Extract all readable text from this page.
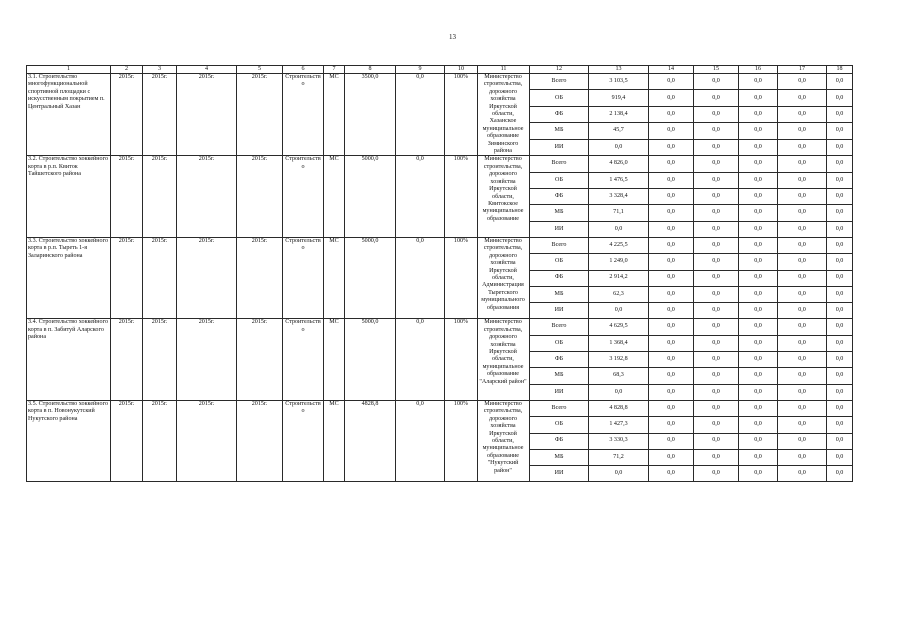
13
1	2	3	4	5	6	7	8	9	10	11	12	13	14	15	16	17	18
3.1. Строительство многофункциональной спортивной площадки с искусственным покрытием п. Центральный Хазан	2015г.	2015г.	2015г.	2015г.	Строительство	МС	3500,0	0,0	100%	Министерство строительства, дорожного хозяйства Иркутской области, Хазанское муниципальное образование Зиминского района	Всего	3 103,5	0,0	0,0	0,0	0,0	0,0
											ОБ	919,4	0,0	0,0	0,0	0,0	0,0
											ФБ	2 138,4	0,0	0,0	0,0	0,0	0,0
											МБ	45,7	0,0	0,0	0,0	0,0	0,0
											ИИ	0,0	0,0	0,0	0,0	0,0	0,0
3.2. Строительство хоккейного корта в р.п. Квиток Тайшетского района	2015г.	2015г.	2015г.	2015г.	Строительство	МС	5000,0	0,0	100%	Министерство строительства, дорожного хозяйства Иркутской области, Квитокское муниципальное образование	Всего	4 826,0	0,0	0,0	0,0	0,0	0,0
											ОБ	1 476,5	0,0	0,0	0,0	0,0	0,0
											ФБ	3 328,4	0,0	0,0	0,0	0,0	0,0
											МБ	71,1	0,0	0,0	0,0	0,0	0,0
											ИИ	0,0	0,0	0,0	0,0	0,0	0,0
3.3. Строительство хоккейного корта в р.п. Тыреть 1-я Заларинского района	2015г.	2015г.	2015г.	2015г.	Строительство	МС	5000,0	0,0	100%	Министерство строительства, дорожного хозяйства Иркутской области, Администрация Тыретского муниципального образования	Всего	4 225,5	0,0	0,0	0,0	0,0	0,0
											ОБ	1 249,0	0,0	0,0	0,0	0,0	0,0
											ФБ	2 914,2	0,0	0,0	0,0	0,0	0,0
											МБ	62,3	0,0	0,0	0,0	0,0	0,0
											ИИ	0,0	0,0	0,0	0,0	0,0	0,0
3.4. Строительство хоккейного корта в п. Забитуй Аларского района	2015г.	2015г.	2015г.	2015г.	Строительство	МС	5000,0	0,0	100%	Министерство строительства, дорожного хозяйства Иркутской области, муниципальное образование "Аларский район"	Всего	4 629,5	0,0	0,0	0,0	0,0	0,0
											ОБ	1 368,4	0,0	0,0	0,0	0,0	0,0
											ФБ	3 192,8	0,0	0,0	0,0	0,0	0,0
											МБ	68,3	0,0	0,0	0,0	0,0	0,0
											ИИ	0,0	0,0	0,0	0,0	0,0	0,0
3.5. Строительство хоккейного корта в п. Новонукутский Нукутского района	2015г.	2015г.	2015г.	2015г.	Строительство	МС	4828,8	0,0	100%	Министерство строительства, дорожного хозяйства Иркутской области, муниципальное образование "Нукутский район"	Всего	4 828,8	0,0	0,0	0,0	0,0	0,0
											ОБ	1 427,3	0,0	0,0	0,0	0,0	0,0
											ФБ	3 330,3	0,0	0,0	0,0	0,0	0,0
											МБ	71,2	0,0	0,0	0,0	0,0	0,0
											ИИ	0,0	0,0	0,0	0,0	0,0	0,0
